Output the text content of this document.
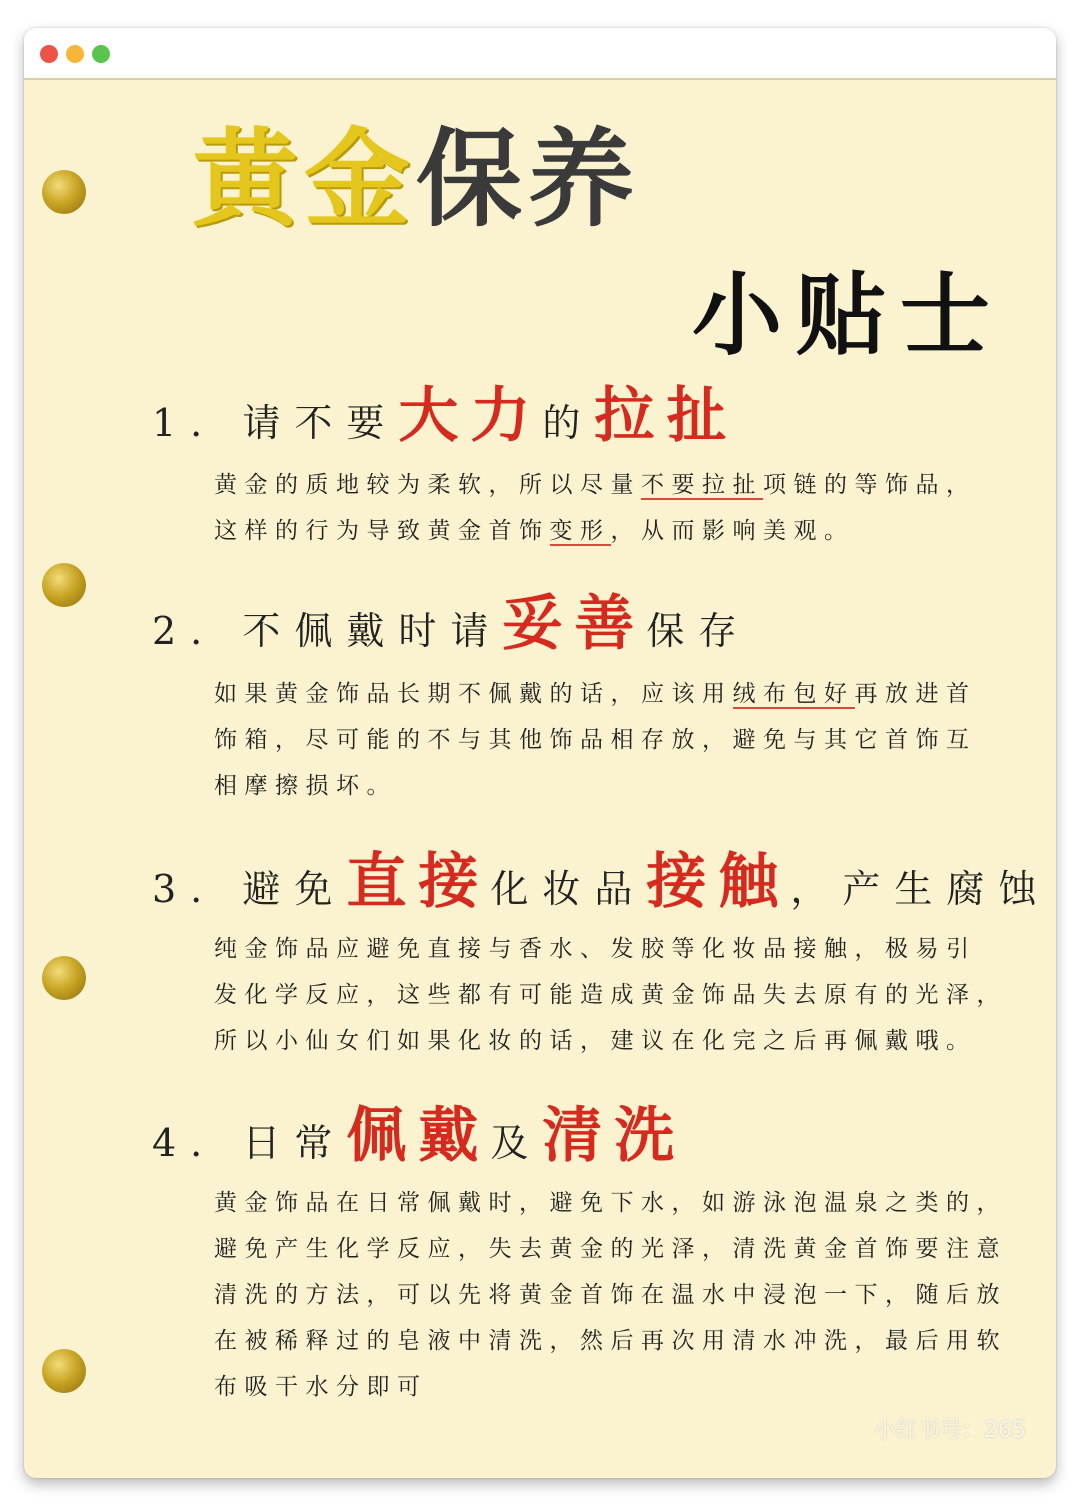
黄金保养
小贴士
1. 请不要大力的拉扯

黄金的质地较为柔软，所以尽量不要拉扯项链的等饰品，

这样的行为导致黄金首饰变形，从而影响美观。

2. 不佩戴时请妥善保存

如果黄金饰品长期不佩戴的话，应该用绒布包好再放进首

饰箱，尽可能的不与其他饰品相存放，避免与其它首饰互

相摩擦损坏。

3. 避免直接化妆品接触，产生腐蚀

纯金饰品应避免直接与香水、发胶等化妆品接触，极易引

发化学反应，这些都有可能造成黄金饰品失去原有的光泽，

所以小仙女们如果化妆的话，建议在化完之后再佩戴哦。

4. 日常佩戴及清洗

黄金饰品在日常佩戴时，避免下水，如游泳泡温泉之类的，

避免产生化学反应，失去黄金的光泽，清洗黄金首饰要注意

清洗的方法，可以先将黄金首饰在温水中浸泡一下，随后放

在被稀释过的皂液中清洗，然后再次用清水冲洗，最后用软

布吸干水分即可

小红书号：265
